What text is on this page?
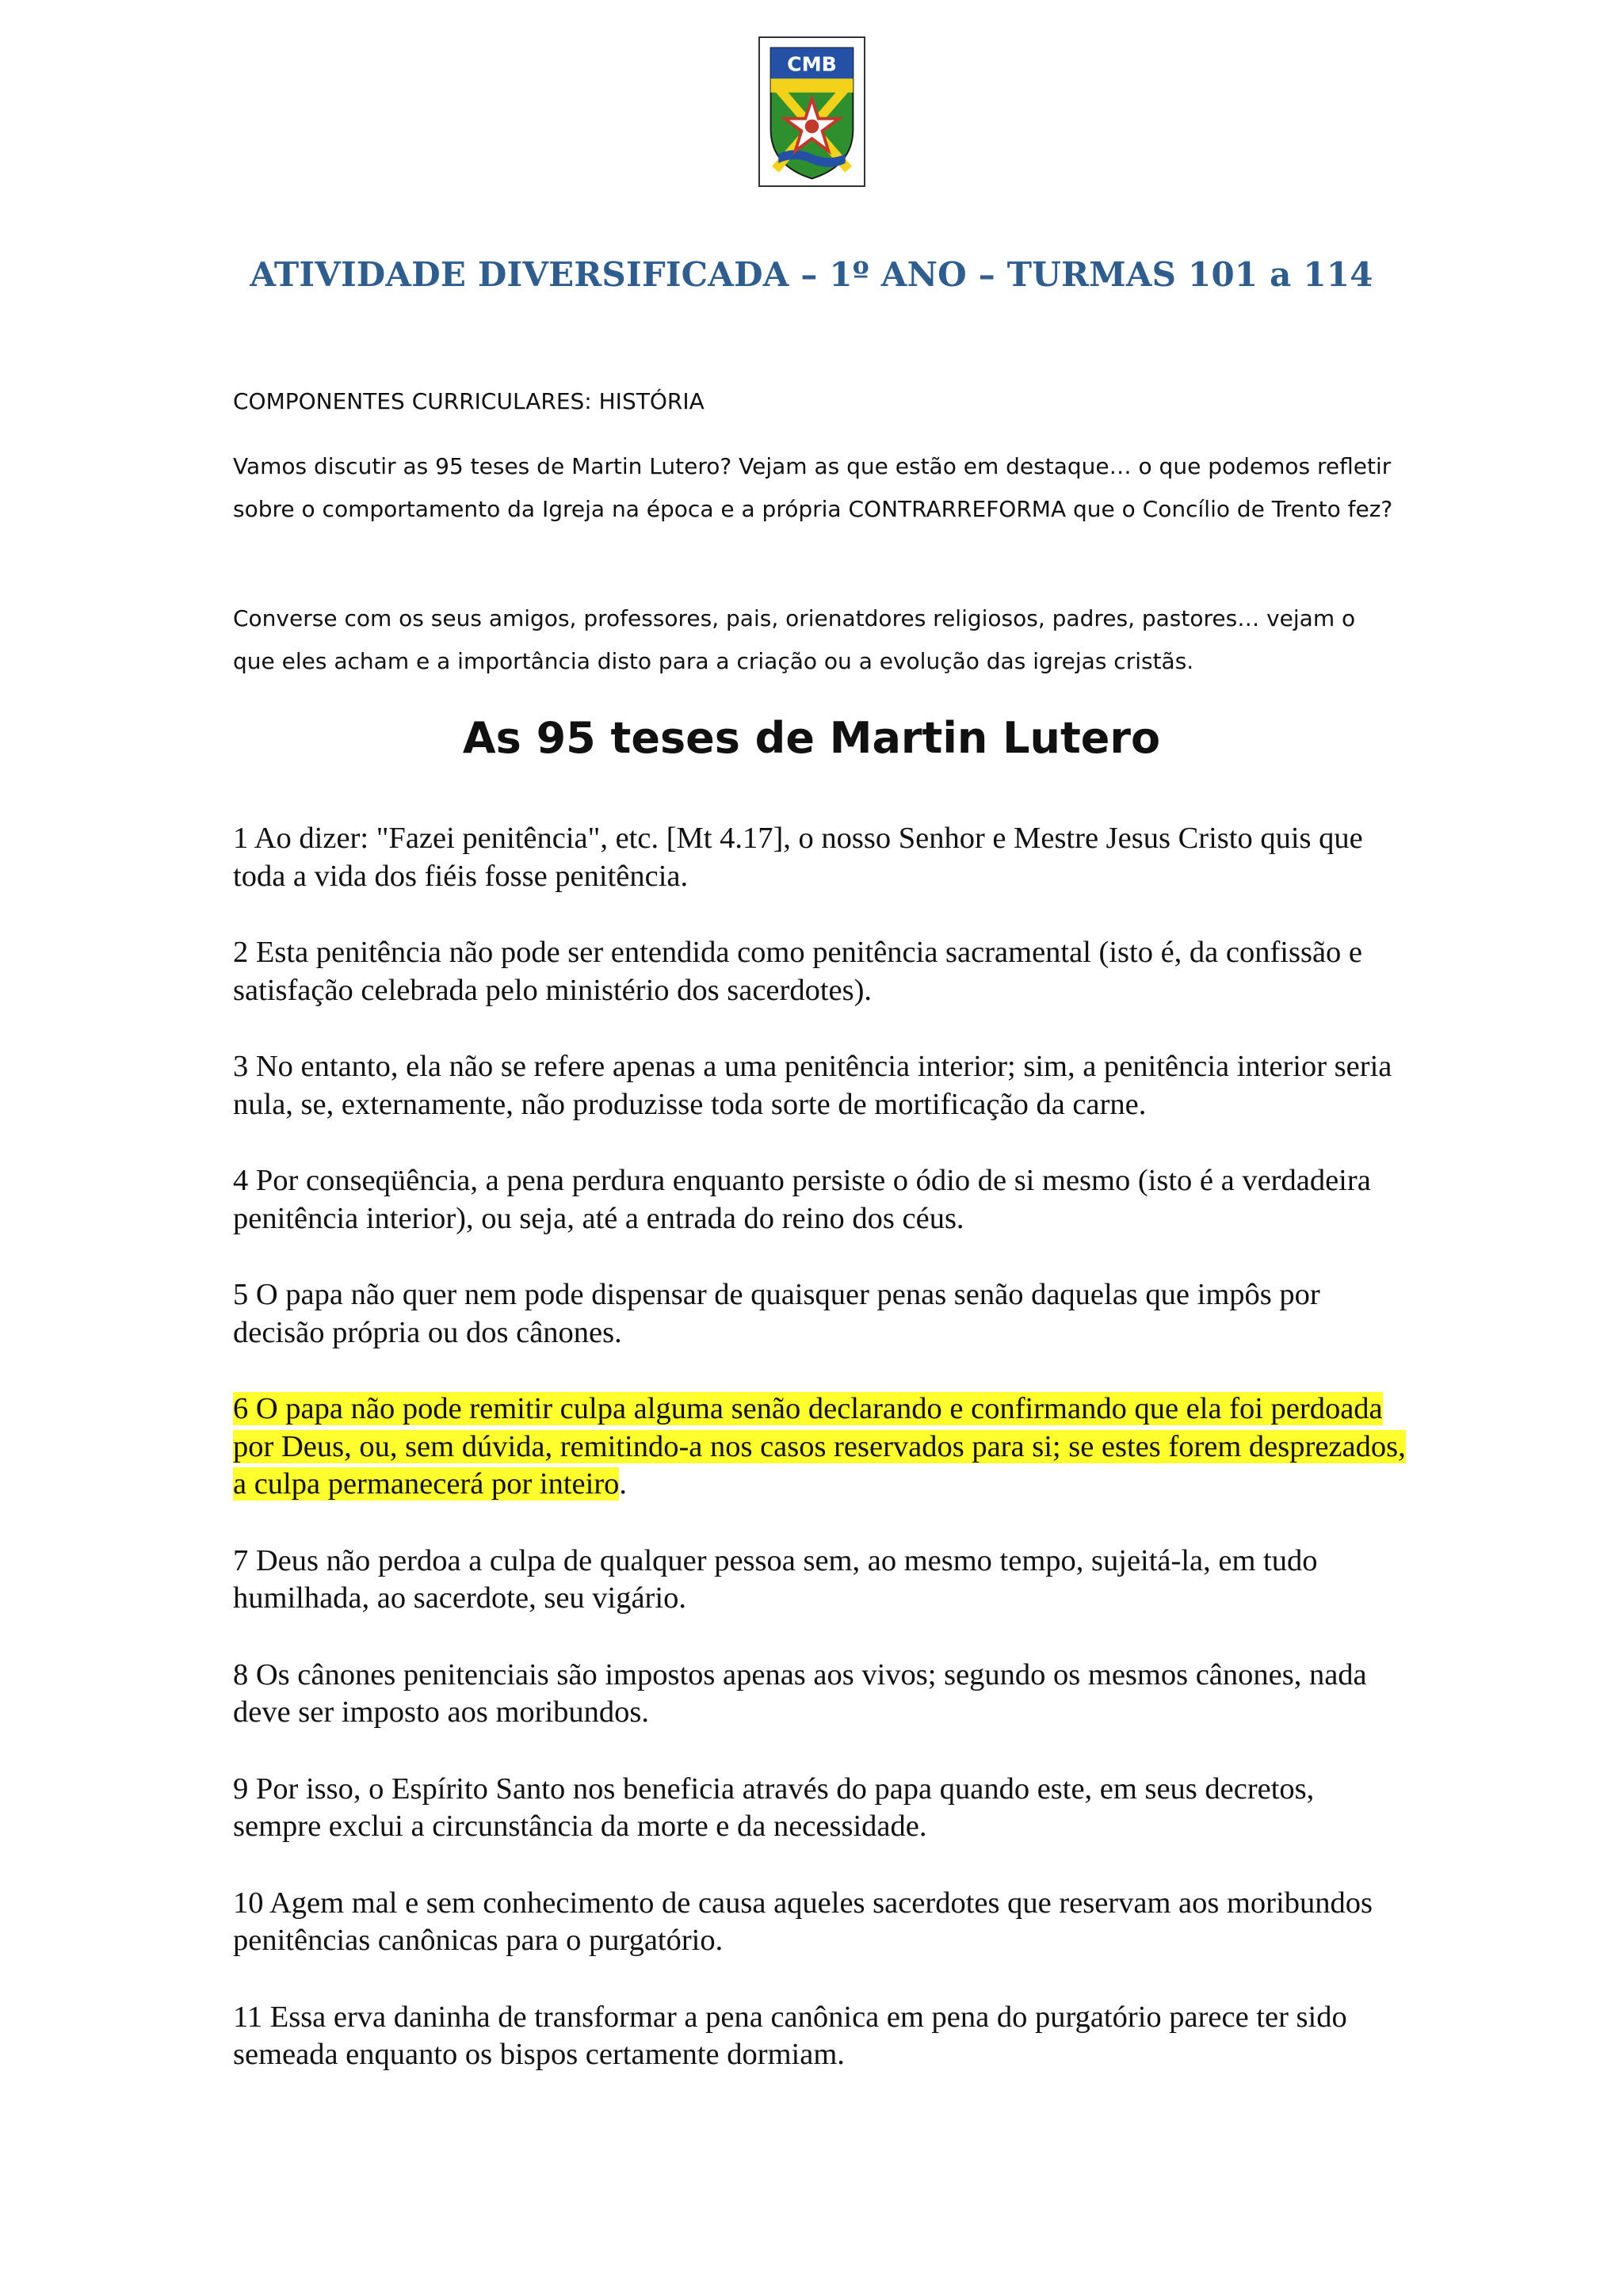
CMB
ATIVIDADE DIVERSIFICADA – 1º ANO – TURMAS 101 a 114

COMPONENTES CURRICULARES: HISTÓRIA

Vamos discutir as 95 teses de Martin Lutero? Vejam as que estão em destaque… o que podemos refletir sobre o comportamento da Igreja na época e a própria CONTRARREFORMA que o Concílio de Trento fez?

Converse com os seus amigos, professores, pais, orienatdores religiosos, padres, pastores… vejam o que eles acham e a importância disto para a criação ou a evolução das igrejas cristãs.

As 95 teses de Martin Lutero
1 Ao dizer: "Fazei penitência", etc. [Mt 4.17], o nosso Senhor e Mestre Jesus Cristo quis que toda a vida dos fiéis fosse penitência.
2 Esta penitência não pode ser entendida como penitência sacramental (isto é, da confissão e satisfação celebrada pelo ministério dos sacerdotes).
3 No entanto, ela não se refere apenas a uma penitência interior; sim, a penitência interior seria nula, se, externamente, não produzisse toda sorte de mortificação da carne.
4 Por conseqüência, a pena perdura enquanto persiste o ódio de si mesmo (isto é a verdadeira penitência interior), ou seja, até a entrada do reino dos céus.
5 O papa não quer nem pode dispensar de quaisquer penas senão daquelas que impôs por decisão própria ou dos cânones.
6 O papa não pode remitir culpa alguma senão declarando e confirmando que ela foi perdoada por Deus, ou, sem dúvida, remitindo-a nos casos reservados para si; se estes forem desprezados, a culpa permanecerá por inteiro.
7 Deus não perdoa a culpa de qualquer pessoa sem, ao mesmo tempo, sujeitá-la, em tudo humilhada, ao sacerdote, seu vigário.
8 Os cânones penitenciais são impostos apenas aos vivos; segundo os mesmos cânones, nada deve ser imposto aos moribundos.
9 Por isso, o Espírito Santo nos beneficia através do papa quando este, em seus decretos, sempre exclui a circunstância da morte e da necessidade.
10 Agem mal e sem conhecimento de causa aqueles sacerdotes que reservam aos moribundos penitências canônicas para o purgatório.
11 Essa erva daninha de transformar a pena canônica em pena do purgatório parece ter sido semeada enquanto os bispos certamente dormiam.
